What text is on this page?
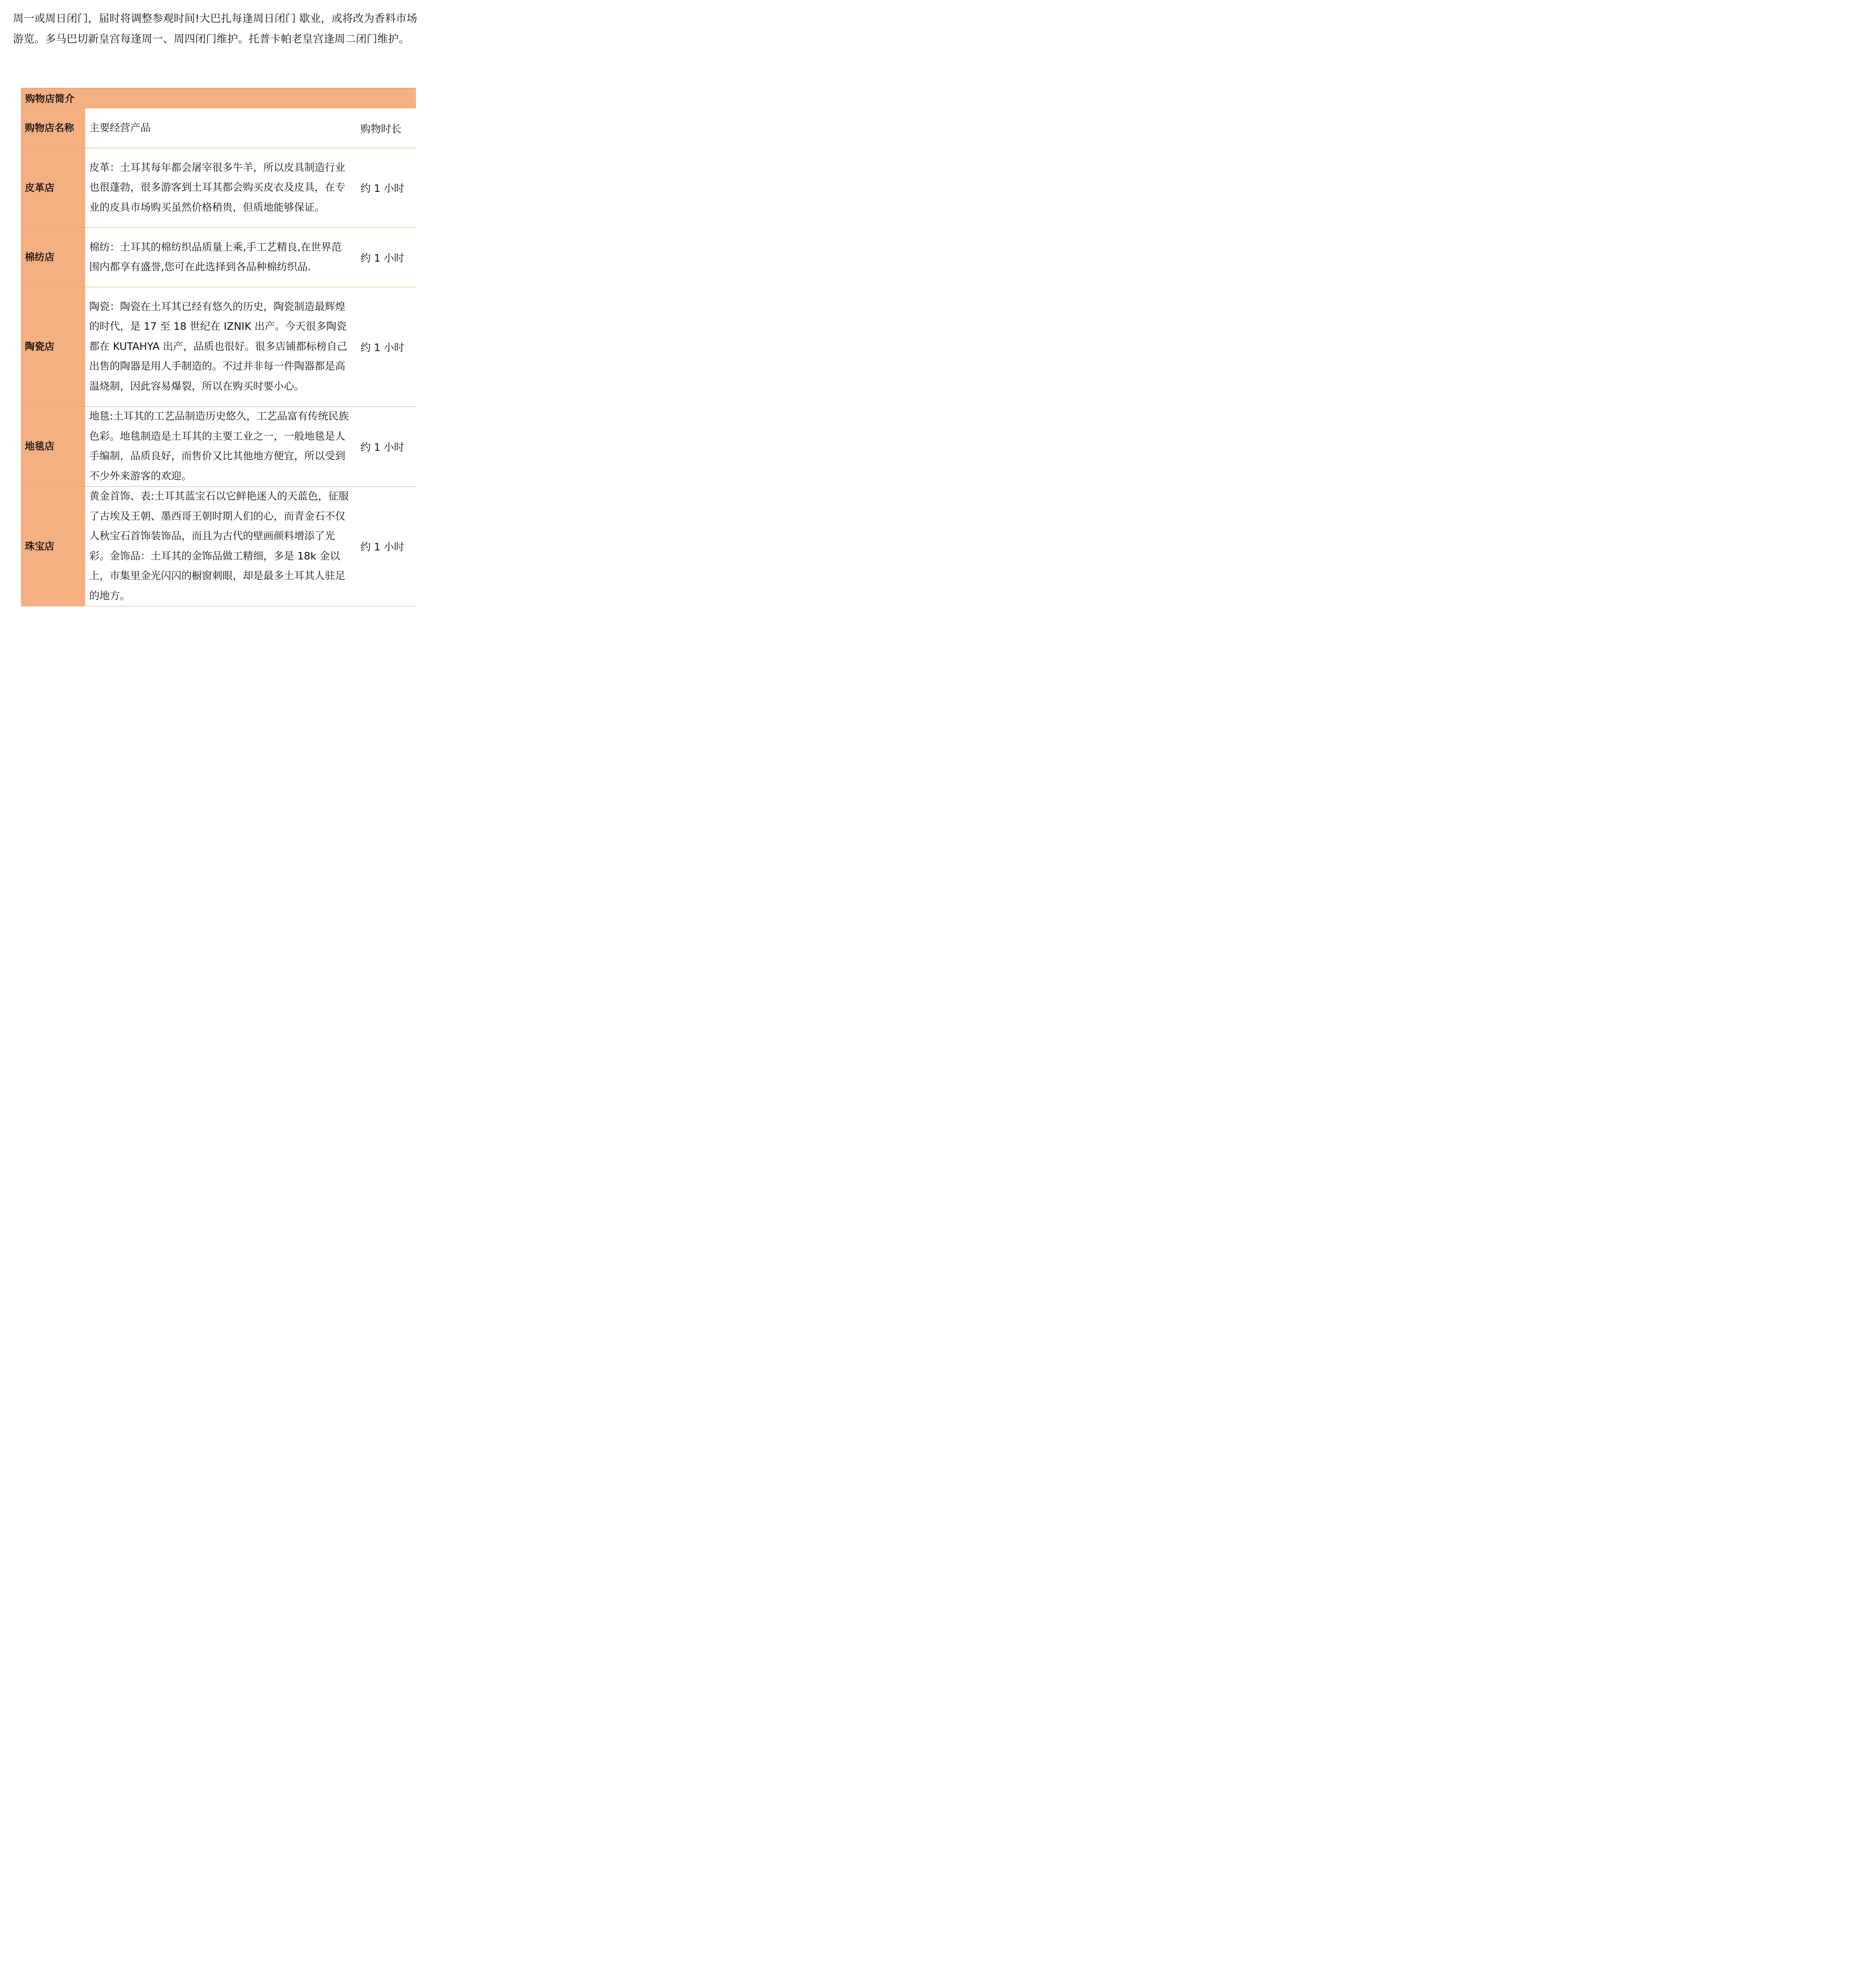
周一或周日闭门，届时将调整参观时间!大巴扎每逢周日闭门 歇业，或将改为香料市场游览。多马巴切新皇宫每逢周一、周四闭门维护。托普卡帕老皇宫逢周二闭门维护。
购物店简介		
购物店名称	主要经营产品	购物时长
皮革店	皮革：土耳其每年都会屠宰很多牛羊，所以皮具制造行业也很蓬勃，很多游客到土耳其都会购买皮衣及皮具，在专业的皮具市场购买虽然价格稍贵，但质地能够保证。	约 1 小时
棉纺店	棉纺：土耳其的棉纺织品质量上乘,手工艺精良,在世界范围内都享有盛誉,您可在此选择到各品种棉纺织品.	约 1 小时
陶瓷店	陶瓷：陶瓷在土耳其已经有悠久的历史，陶瓷制造最辉煌的时代，是 17 至 18 世纪在 IZNIK 出产。今天很多陶瓷都在 KUTAHYA 出产，品质也很好。很多店铺都标榜自己出售的陶器是用人手制造的。不过并非每一件陶器都是高温烧制，因此容易爆裂，所以在购买时要小心。	约 1 小时
地毯店	地毯:土耳其的工艺品制造历史悠久，工艺品富有传统民族色彩。地毯制造是土耳其的主要工业之一，一般地毯是人手编制，品质良好，而售价又比其他地方便宜，所以受到不少外来游客的欢迎。	约 1 小时
珠宝店	黄金首饰、表:土耳其蓝宝石以它鲜艳迷人的天蓝色，征服了古埃及王朝、墨西哥王朝时期人们的心，而青金石不仅人秋宝石首饰装饰品，而且为古代的壁画颜料增添了光彩。金饰品：土耳其的金饰品做工精细，多是 18k 金以上，市集里金光闪闪的橱窗刺眼，却是最多土耳其人驻足的地方。	约 1 小时
